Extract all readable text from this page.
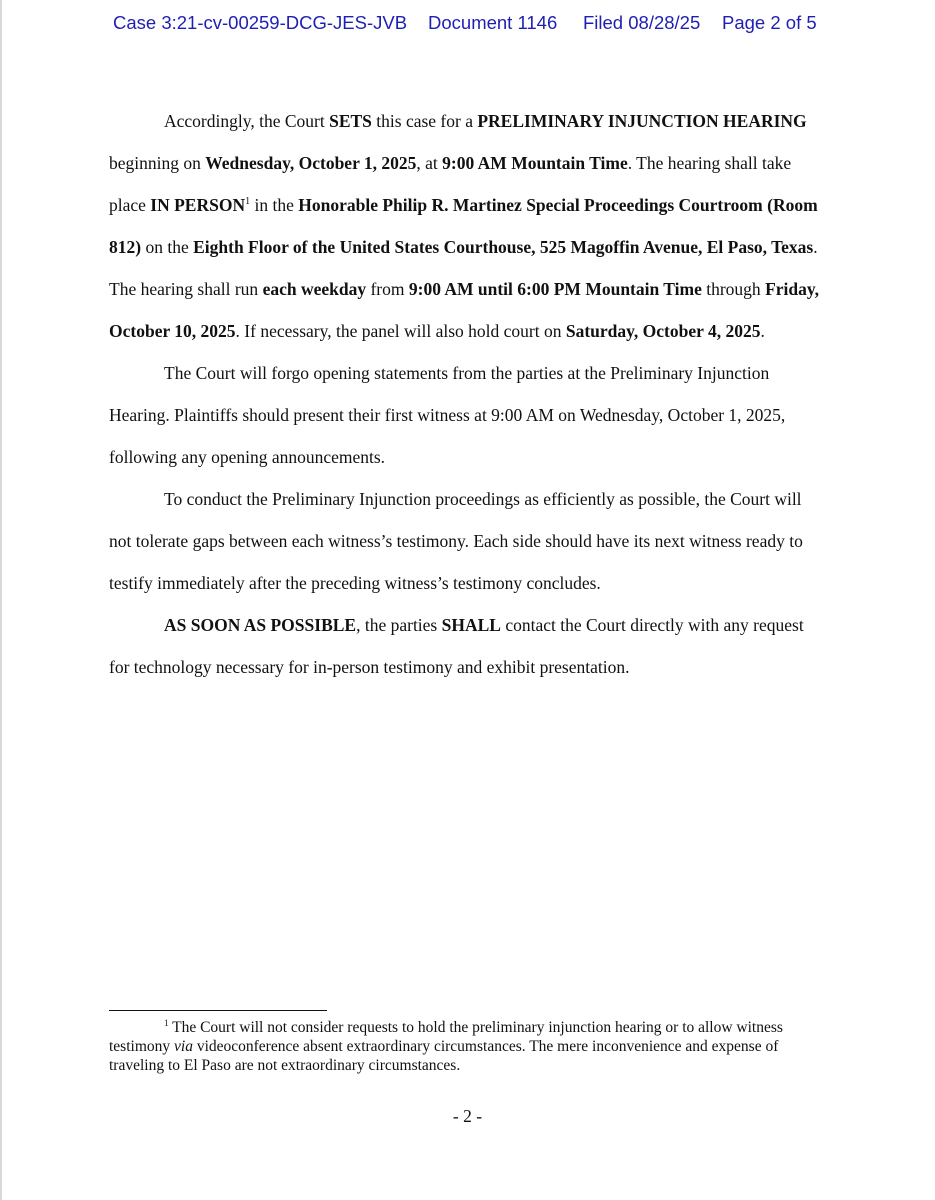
Case 3:21-cv-00259-DCG-JES-JVB Document 1146 Filed 08/28/25 Page 2 of 5

Accordingly, the Court SETS this case for a PRELIMINARY INJUNCTION HEARING beginning on Wednesday, October 1, 2025, at 9:00 AM Mountain Time. The hearing shall take place IN PERSON$^1$ in the Honorable Philip R. Martinez Special Proceedings Courtroom (Room 812) on the Eighth Floor of the United States Courthouse, 525 Magoffin Avenue, El Paso, Texas. The hearing shall run each weekday from 9:00 AM until 6:00 PM Mountain Time through Friday, October 10, 2025. If necessary, the panel will also hold court on Saturday, October 4, 2025.

The Court will forgo opening statements from the parties at the Preliminary Injunction Hearing. Plaintiffs should present their first witness at 9:00 AM on Wednesday, October 1, 2025, following any opening announcements.

To conduct the Preliminary Injunction proceedings as efficiently as possible, the Court will not tolerate gaps between each witness’s testimony. Each side should have its next witness ready to testify immediately after the preceding witness’s testimony concludes.

AS SOON AS POSSIBLE, the parties SHALL contact the Court directly with any request for technology necessary for in-person testimony and exhibit presentation.

$^1$ The Court will not consider requests to hold the preliminary injunction hearing or to allow witness testimony via videoconference absent extraordinary circumstances. The mere inconvenience and expense of traveling to El Paso are not extraordinary circumstances.

- 2 -
